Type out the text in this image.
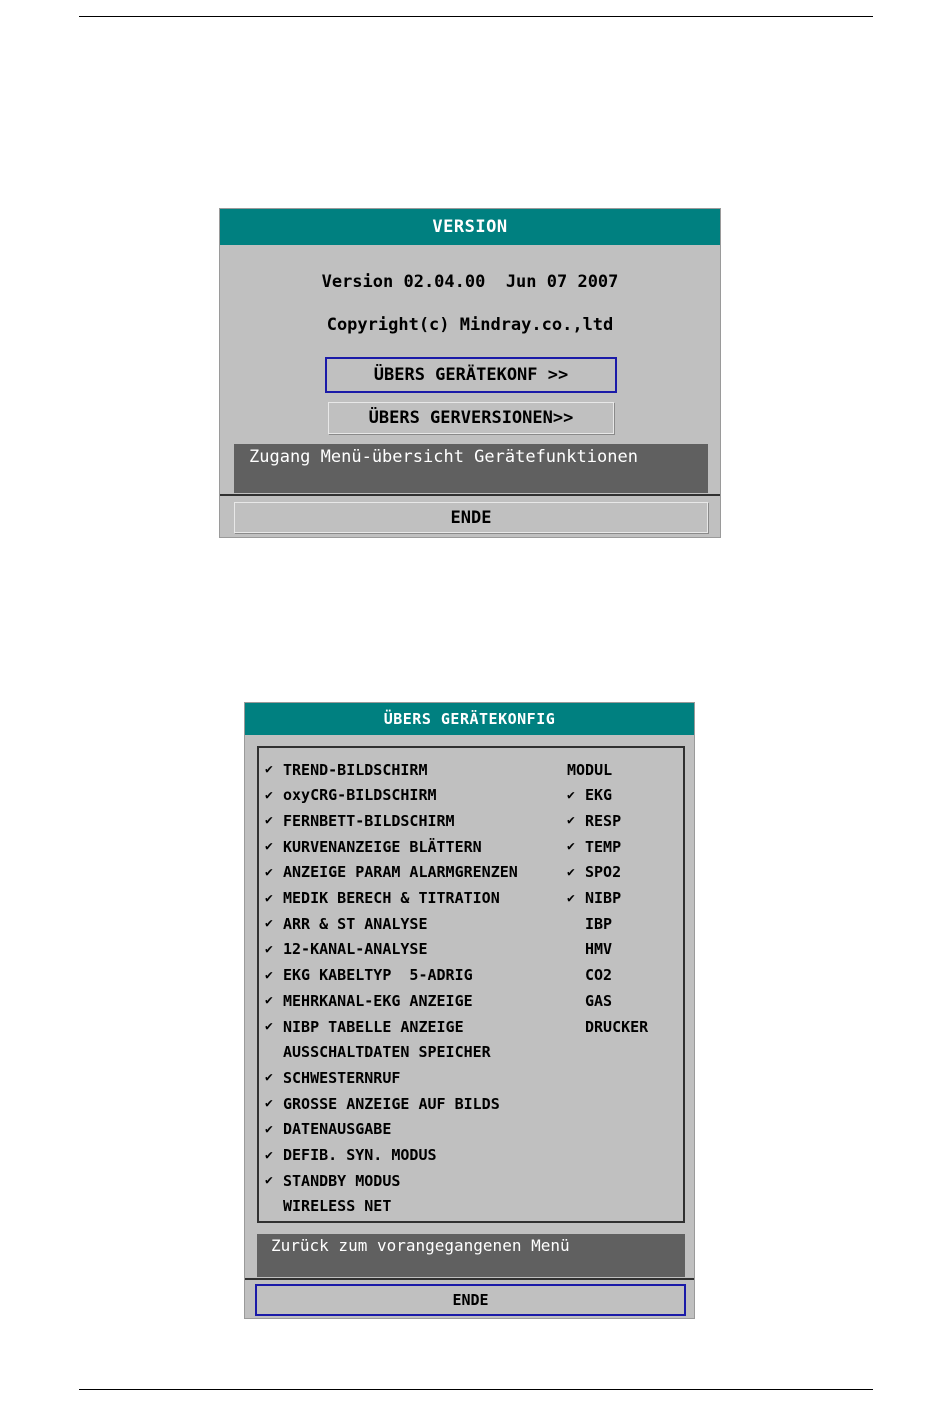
VERSION
Version 02.04.00  Jun 07 2007
Copyright(c) Mindray.co.,ltd
ÜBERS GERÄTEKONF >>
ÜBERS GERVERSIONEN>>
Zugang Menü-übersicht Gerätefunktionen
ENDE
ÜBERS GERÄTEKONFIG
✔ TREND-BILDSCHIRM
✔ oxyCRG-BILDSCHIRM
✔ FERNBETT-BILDSCHIRM
✔ KURVENANZEIGE BLÄTTERN
✔ ANZEIGE PARAM ALARMGRENZEN
✔ MEDIK BERECH & TITRATION
✔ ARR & ST ANALYSE
✔ 12-KANAL-ANALYSE
✔ EKG KABELTYP  5-ADRIG
✔ MEHRKANAL-EKG ANZEIGE
✔ NIBP TABELLE ANZEIGE
AUSSCHALTDATEN SPEICHER
✔ SCHWESTERNRUF
✔ GROSSE ANZEIGE AUF BILDS
✔ DATENAUSGABE
✔ DEFIB. SYN. MODUS
✔ STANDBY MODUS
WIRELESS NET
MODUL
✔ EKG
✔ RESP
✔ TEMP
✔ SPO2
✔ NIBP
IBP
HMV
CO2
GAS
DRUCKER
Zurück zum vorangegangenen Menü
ENDE
